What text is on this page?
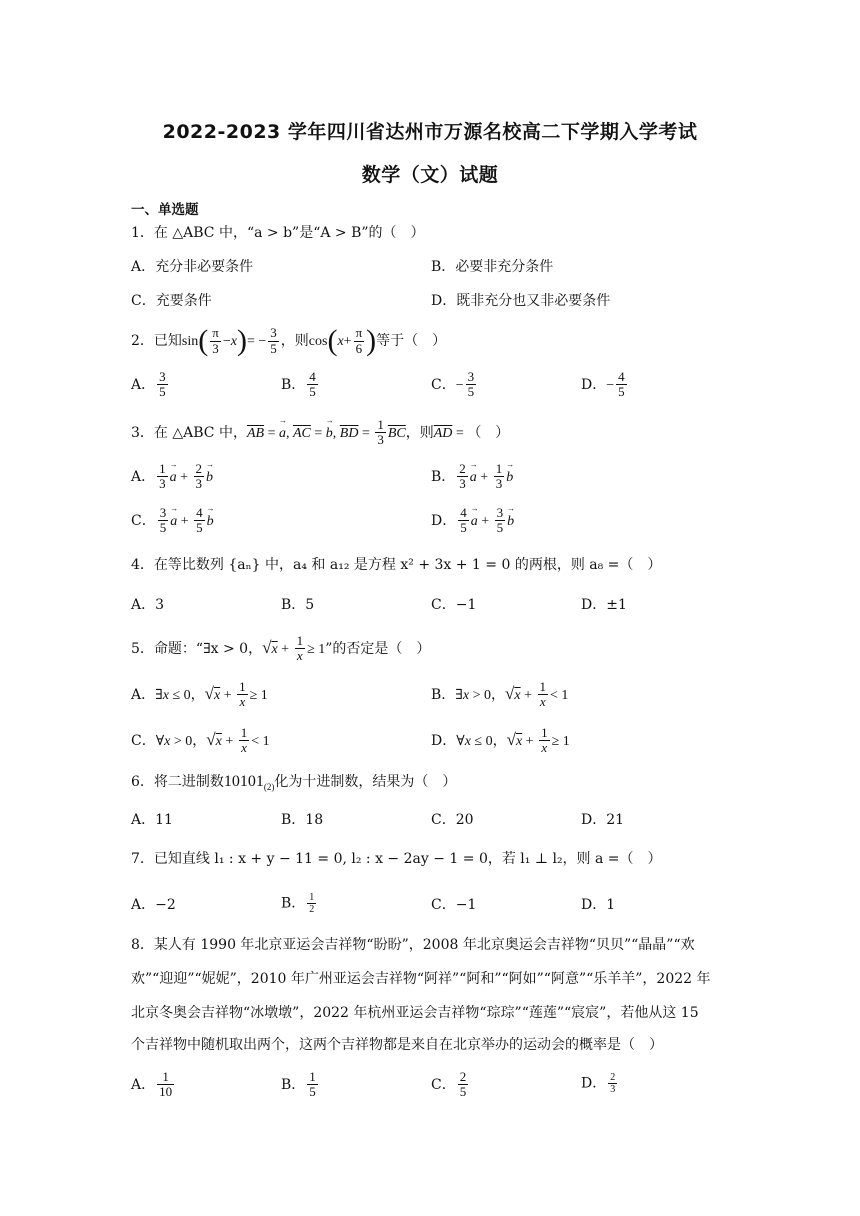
2022-2023 学年四川省达州市万源名校高二下学期入学考试
数学（文）试题
一、单选题
1．在 △ABC 中，“a > b”是“A > B”的（　）
A．充分非必要条件	B．必要非充分条件
C．充要条件	D．既非充分也又非必要条件
2．已知$\sin( \frac{\pi}{3} -x)= - \frac{3}{5}$ ，则$\cos(x+ \frac{\pi}{6}$ )等于（　）
A． $\frac{3}{5}$	B． $\frac{4}{5}$	C．− $\frac{3}{5}$	D．− $\frac{4}{5}$
3．在 △ABC 中，$\overline{AB} = a$ →, $\overline{AC} = b$ →, $\overline{BD} = \frac{1}{3} \overline{BC}$，则$\overline{AD}$ = （　）
A． $\frac{1}{3}$ a → + $\frac{2}{3}$ b →	B． $\frac{2}{3}$ a → + $\frac{1}{3}$ b →
C． $\frac{3}{5}$ a → + $\frac{4}{5}$ b →	D． $\frac{4}{5}$ a → + $\frac{3}{5}$ b →
4．在等比数列 {aₙ} 中，a₄ 和 a₁₂ 是方程 x² + 3x + 1 = 0 的两根，则 a₈ =（　）
A．3	B．5	C．−1	D．±1
5．命题：“∃x > 0，$√x + \frac{1}{x} \ge 1$”的否定是（　）
A．∃x ≤ 0，$√x + \frac{1}{x} \ge 1$	B．∃x > 0，$√x + \frac{1}{x} < 1$
C．∀x > 0，$√x + \frac{1}{x} < 1$	D．∀x ≤ 0，$√x + \frac{1}{x} \ge 1$
6．将二进制数$10101_{(2)}$化为十进制数，结果为（　）
A．11	B．18	C．20	D．21
7．已知直线 l₁ : x + y − 11 = 0, l₂ : x − 2ay − 1 = 0，若 l₁ ⊥ l₂，则 a =（　）
A．−2	B． $\frac{1}{2}$	C．−1	D．1
8．某人有 1990 年北京亚运会吉祥物“盼盼”，2008 年北京奥运会吉祥物“贝贝”“晶晶”“欢
欢”“迎迎”“妮妮”，2010 年广州亚运会吉祥物“阿祥”“阿和”“阿如”“阿意”“乐羊羊”，2022 年
北京冬奥会吉祥物“冰墩墩”，2022 年杭州亚运会吉祥物“琮琮”“莲莲”“宸宸”，若他从这 15
个吉祥物中随机取出两个，这两个吉祥物都是来自在北京举办的运动会的概率是（　）
A． $\frac{1}{10}$	B． $\frac{1}{5}$	C． $\frac{2}{5}$	D． $\frac{2}{3}$
